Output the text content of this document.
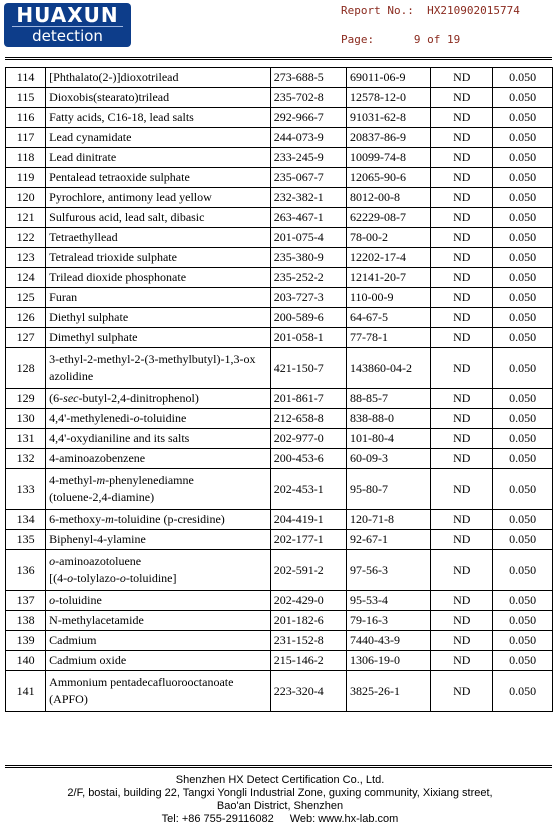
HUAXUN
detection
Report No.: HX210902015774
Page:	9 of 19
114	[Phthalato(2-)]dioxotrilead	273-688-5	69011-06-9	ND	0.050
115	Dioxobis(stearato)trilead	235-702-8	12578-12-0	ND	0.050
116	Fatty acids, C16-18, lead salts	292-966-7	91031-62-8	ND	0.050
117	Lead cynamidate	244-073-9	20837-86-9	ND	0.050
118	Lead dinitrate	233-245-9	10099-74-8	ND	0.050
119	Pentalead tetraoxide sulphate	235-067-7	12065-90-6	ND	0.050
120	Pyrochlore, antimony lead yellow	232-382-1	8012-00-8	ND	0.050
121	Sulfurous acid, lead salt, dibasic	263-467-1	62229-08-7	ND	0.050
122	Tetraethyllead	201-075-4	78-00-2	ND	0.050
123	Tetralead trioxide sulphate	235-380-9	12202-17-4	ND	0.050
124	Trilead dioxide phosphonate	235-252-2	12141-20-7	ND	0.050
125	Furan	203-727-3	110-00-9	ND	0.050
126	Diethyl sulphate	200-589-6	64-67-5	ND	0.050
127	Dimethyl sulphate	201-058-1	77-78-1	ND	0.050
128	3-ethyl-2-methyl-2-(3-methylbutyl)-1,3-ox
azolidine	421-150-7	143860-04-2	ND	0.050
129	(6-sec-butyl-2,4-dinitrophenol)	201-861-7	88-85-7	ND	0.050
130	4,4'-methylenedi-o-toluidine	212-658-8	838-88-0	ND	0.050
131	4,4'-oxydianiline and its salts	202-977-0	101-80-4	ND	0.050
132	4-aminoazobenzene	200-453-6	60-09-3	ND	0.050
133	4-methyl-m-phenylenediamne
(toluene-2,4-diamine)	202-453-1	95-80-7	ND	0.050
134	6-methoxy-m-toluidine (p-cresidine)	204-419-1	120-71-8	ND	0.050
135	Biphenyl-4-ylamine	202-177-1	92-67-1	ND	0.050
136	o-aminoazotoluene
[(4-o-tolylazo-o-toluidine]	202-591-2	97-56-3	ND	0.050
137	o-toluidine	202-429-0	95-53-4	ND	0.050
138	N-methylacetamide	201-182-6	79-16-3	ND	0.050
139	Cadmium	231-152-8	7440-43-9	ND	0.050
140	Cadmium oxide	215-146-2	1306-19-0	ND	0.050
141	Ammonium pentadecafluorooctanoate
(APFO)	223-320-4	3825-26-1	ND	0.050
Shenzhen HX Detect Certification Co., Ltd.
2/F, bostai, building 22, Tangxi Yongli Industrial Zone, guxing community, Xixiang street,
Bao'an District, Shenzhen
Tel: +86 755-29116082 Web: www.hx-lab.com
